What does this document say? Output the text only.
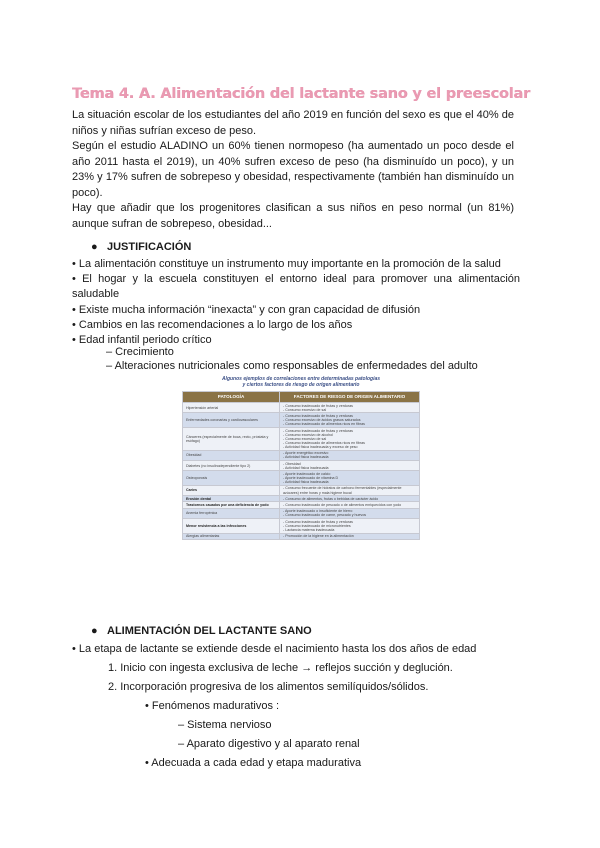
Tema 4. A. Alimentación del lactante sano y el preescolar

La situación escolar de los estudiantes del año 2019 en función del sexo es que el 40% de niños y niñas sufrían exceso de peso.

Según el estudio ALADINO un 60% tienen normopeso (ha aumentado un poco desde el año 2011 hasta el 2019), un 40% sufren exceso de peso (ha disminuído un poco), y un 23% y 17% sufren de sobrepeso y obesidad, respectivamente (también han disminuído un poco).

Hay que añadir que los progenitores clasifican a sus niños en peso normal (un 81%) aunque sufran de sobrepeso, obesidad...

● JUSTIFICACIÓN

• La alimentación constituye un instrumento muy importante en la promoción de la salud

• El hogar y la escuela constituyen el entorno ideal para promover una alimentación saludable

• Existe mucha información “inexacta” y con gran capacidad de difusión

• Cambios en las recomendaciones a lo largo de los años

• Edad infantil periodo crítico

– Crecimiento
– Alteraciones nutricionales como responsables de enfermedades del adulto
Algunos ejemplos de correlaciones entre determinadas patologías
y ciertos factores de riesgo de origen alimentario
PATOLOGÍA	FACTORES DE RIESGO DE ORIGEN ALIMENTARIO
Hipertensión arterial	- Consumo inadecuado de frutas y verduras
- Consumo excesivo de sal

Enfermedades coronarias y cardiovasculares	- Consumo inadecuado de frutas y verduras
- Consumo excesivo de ácidos grasos saturados
- Consumo inadecuado de alimentos ricos en fibras

Cánceres (especialmente de boca, recto, próstata y esófago)	- Consumo inadecuado de frutas y verduras
- Consumo excesivo de alcohol
- Consumo excesivo de sal
- Consumo inadecuado de alimentos ricos en fibras
- Actividad física inadecuada y exceso de peso

Obesidad	- Aporte energético excesivo
- Actividad física inadecuada

Diabetes (no insulinodependiente tipo 2)	- Obesidad
- Actividad física inadecuada

Osteoporosis	- Aporte inadecuado de calcio
- Aporte inadecuado de vitamina D
- Actividad física inadecuada

Caries	- Consumo frecuente de hidratos de carbono fermentables (especialmente azúcares) entre horas y mala higiene bucal

Erosión dental	- Consumo de alimentos, frutas o bebidas de carácter ácido

Trastornos cauados por una deficiencia de yodo	- Consumo inadecuado de pescado o de alimentos enriquecidos con yodo

Anemia ferropénica	- Aporte inadecuado o insuficiente de hierro
- Consumo inadecuado de carne, pescado y huevos

Menor resistencia a las infecciones	- Consumo inadecuado de frutas y verduras
- Consumo inadecuado de micronutrientes
- Lactancia materna inadecuada

Alergias alimentarias	- Promoción de la higiene en la alimentación
● ALIMENTACIÓN DEL LACTANTE SANO
• La etapa de lactante se extiende desde el nacimiento hasta los dos años de edad
1. Inicio con ingesta exclusiva de leche → reflejos succión y deglución.
2. Incorporación progresiva de los alimentos semilíquidos/sólidos.
• Fenómenos madurativos :
– Sistema nervioso
– Aparato digestivo y al aparato renal
• Adecuada a cada edad y etapa madurativa
